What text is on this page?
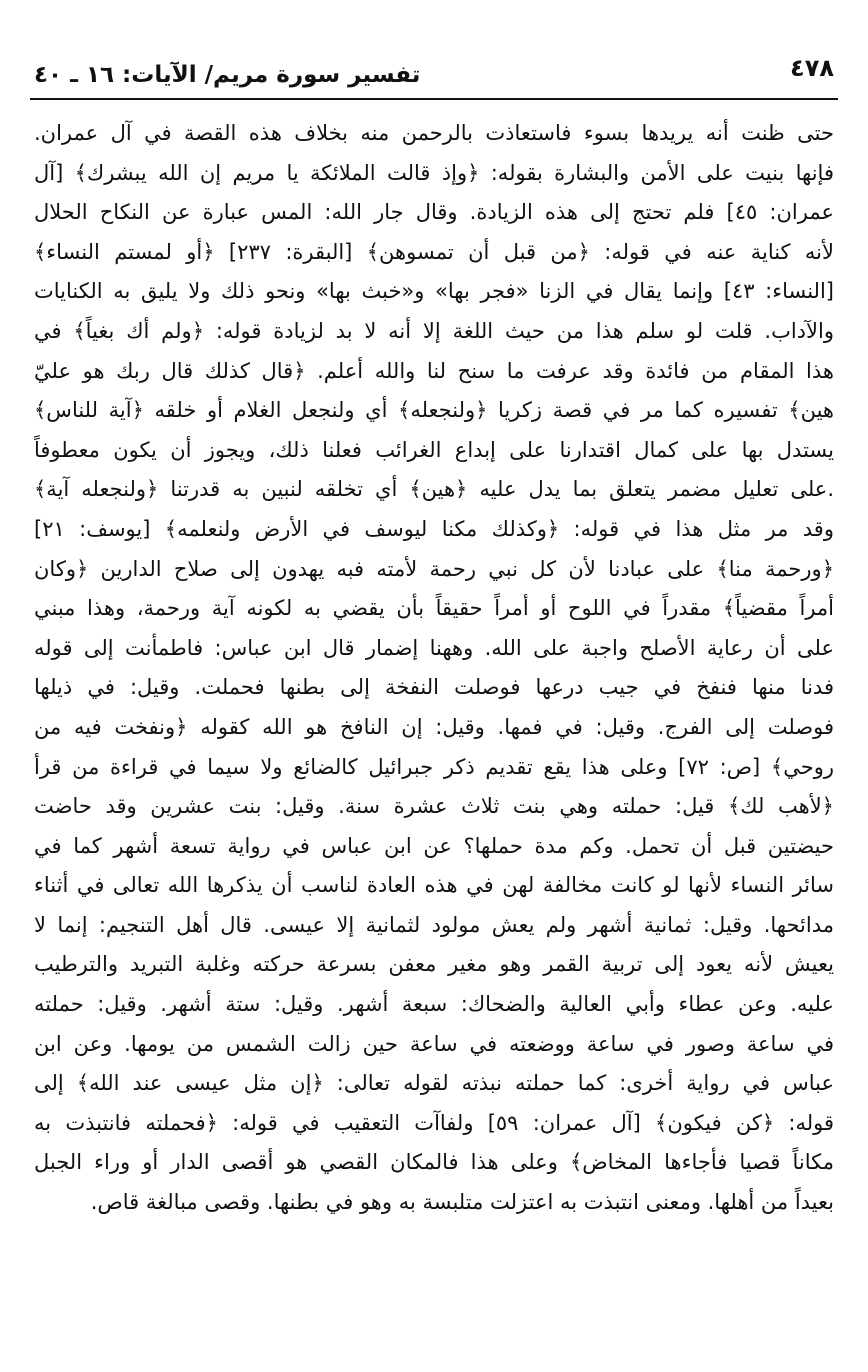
٤٧٨
تفسير سورة مريم/ الآيات: ١٦ ـ ٤٠
حتى ظنت أنه يريدها بسوء فاستعاذت بالرحمن منه بخلاف هذه القصة في آل عمران.
فإنها بنيت على الأمن والبشارة بقوله: ﴿وإذ قالت الملائكة يا مريم إن الله يبشرك﴾ [آل
عمران: ٤٥] فلم تحتج إلى هذه الزيادة. وقال جار الله: المس عبارة عن النكاح الحلال
لأنه كناية عنه في قوله: ﴿من قبل أن تمسوهن﴾ [البقرة: ٢٣٧] ﴿أو لمستم النساء﴾
[النساء: ٤٣] وإنما يقال في الزنا «فجر بها» و«خبث بها» ونحو ذلك ولا يليق به الكنايات
والآداب. قلت لو سلم هذا من حيث اللغة إلا أنه لا بد لزيادة قوله: ﴿ولم أك بغياً﴾ في
هذا المقام من فائدة وقد عرفت ما سنح لنا والله أعلم. ﴿قال كذلك قال ربك هو عليّ
هين﴾ تفسيره كما مر في قصة زكريا ﴿ولنجعله﴾ أي ولنجعل الغلام أو خلقه ﴿آية للناس﴾
يستدل بها على كمال اقتدارنا على إبداع الغرائب فعلنا ذلك، ويجوز أن يكون معطوفاً
.على تعليل مضمر يتعلق بما يدل عليه ﴿هين﴾ أي تخلقه لنبين به قدرتنا ﴿ولنجعله آية﴾
وقد مر مثل هذا في قوله: ﴿وكذلك مكنا ليوسف في الأرض ولنعلمه﴾ [يوسف: ٢١]
﴿ورحمة منا﴾ على عبادنا لأن كل نبي رحمة لأمته فبه يهدون إلى صلاح الدارين ﴿وكان
أمراً مقضياً﴾ مقدراً في اللوح أو أمراً حقيقاً بأن يقضي به لكونه آية ورحمة، وهذا مبني
على أن رعاية الأصلح واجبة على الله. وههنا إضمار قال ابن عباس: فاطمأنت إلى قوله
فدنا منها فنفخ في جيب درعها فوصلت النفخة إلى بطنها فحملت. وقيل: في ذيلها
فوصلت إلى الفرج. وقيل: في فمها. وقيل: إن النافخ هو الله كقوله ﴿ونفخت فيه من
روحي﴾ [ص: ٧٢] وعلى هذا يقع تقديم ذكر جبرائيل كالضائع ولا سيما في قراءة من قرأ
﴿لأهب لك﴾ قيل: حملته وهي بنت ثلاث عشرة سنة. وقيل: بنت عشرين وقد حاضت
حيضتين قبل أن تحمل. وكم مدة حملها؟ عن ابن عباس في رواية تسعة أشهر كما في
سائر النساء لأنها لو كانت مخالفة لهن في هذه العادة لناسب أن يذكرها الله تعالى في أثناء
مدائحها. وقيل: ثمانية أشهر ولم يعش مولود لثمانية إلا عيسى. قال أهل التنجيم: إنما لا
يعيش لأنه يعود إلى تربية القمر وهو مغير معفن بسرعة حركته وغلبة التبريد والترطيب
عليه. وعن عطاء وأبي العالية والضحاك: سبعة أشهر. وقيل: ستة أشهر. وقيل: حملته
في ساعة وصور في ساعة ووضعته في ساعة حين زالت الشمس من يومها. وعن ابن
عباس في رواية أخرى: كما حملته نبذته لقوله تعالى: ﴿إن مثل عيسى عند الله﴾ إلى
قوله: ﴿كن فيكون﴾ [آل عمران: ٥٩] ولفاآت التعقيب في قوله: ﴿فحملته فانتبذت به
مكاناً قصيا فأجاءها المخاض﴾ وعلى هذا فالمكان القصي هو أقصى الدار أو وراء الجبل
بعيداً من أهلها. ومعنى انتبذت به اعتزلت متلبسة به وهو في بطنها. وقصى مبالغة قاص.
